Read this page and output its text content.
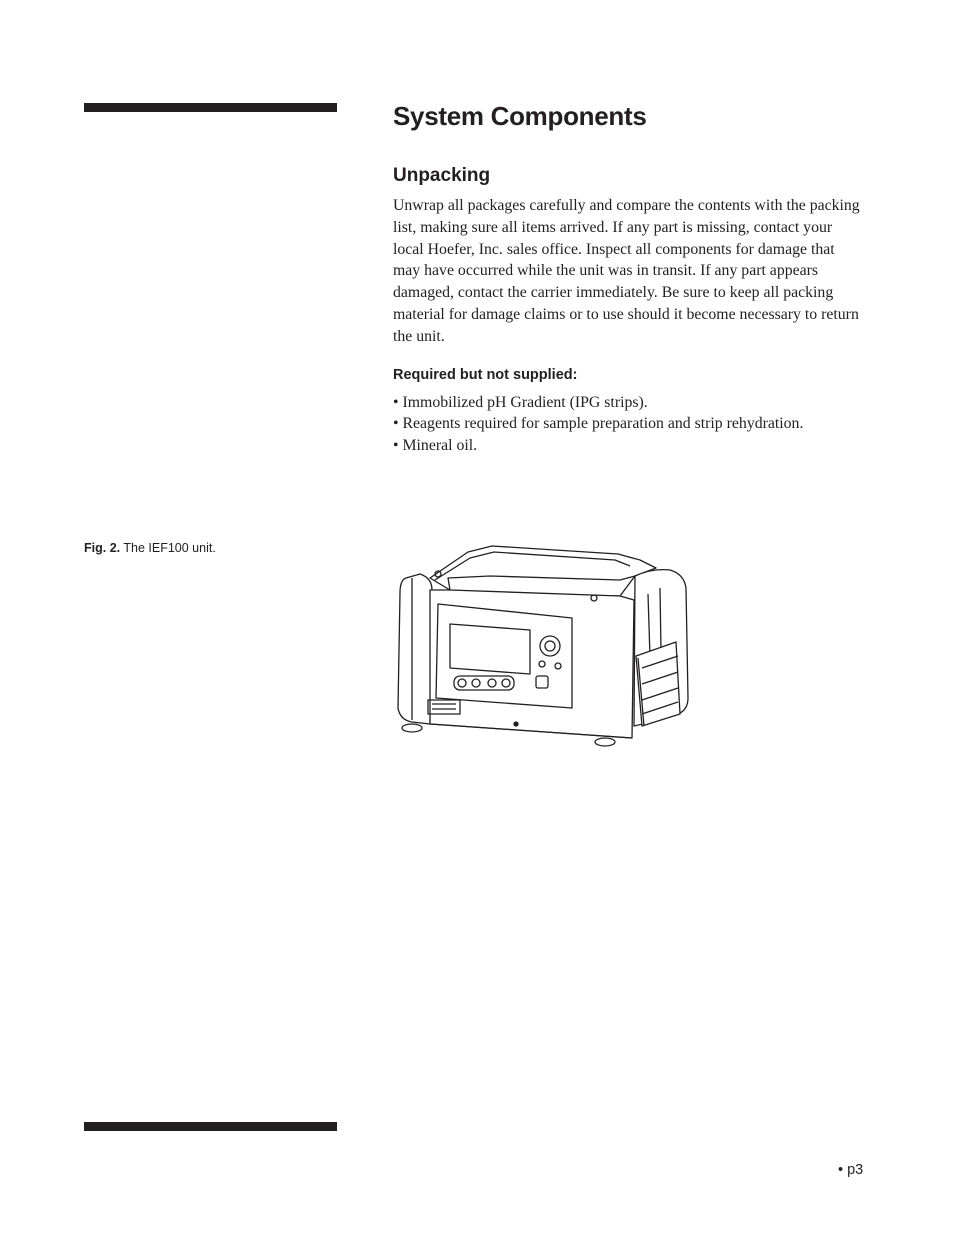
System Components
Unpacking

Unwrap all packages carefully and compare the contents with the packing list, making sure all items arrived. If any part is missing, contact your local Hoefer, Inc. sales office. Inspect all components for damage that may have occurred while the unit was in transit. If any part appears damaged, contact the carrier immediately. Be sure to keep all packing material for damage claims or to use should it become necessary to return the unit.

Required but not supplied:
• Immobilized pH Gradient (IPG strips).
• Reagents required for sample preparation and strip rehydration.
• Mineral oil.
Fig. 2. The IEF100 unit.
• p3
